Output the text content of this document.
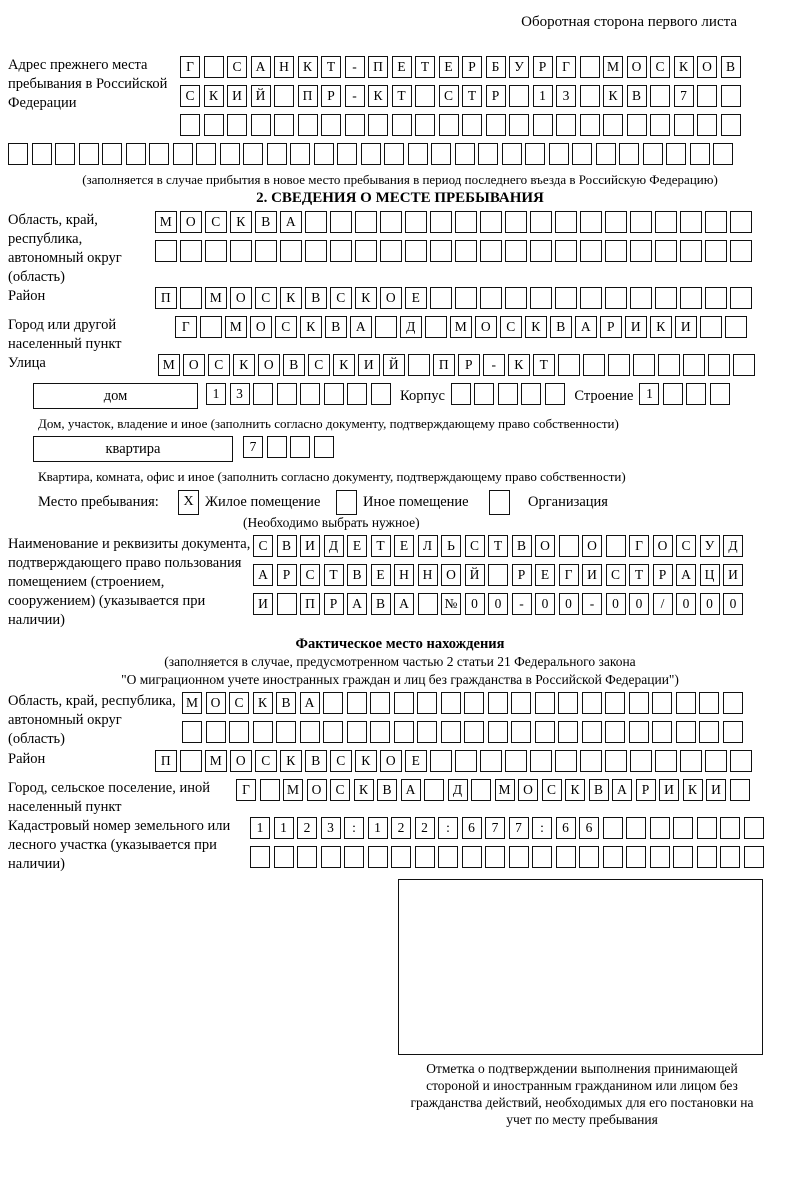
Оборотная сторона первого листа
Адрес прежнего места пребывания в Российской Федерации
Г	С	А	Н	К	Т	-	П	Е	Т	Е	Р	Б	У	Р	Г	М О	С	К	О	В
С	К	И	Й	П	Р	-	К	Т	С	Т	Р	1	3	К	В	7
(заполняется в случае прибытия в новое место пребывания в период последнего въезда в Российскую Федерацию)
2. СВЕДЕНИЯ О МЕСТЕ ПРЕБЫВАНИЯ
Область, край, республика, автономный округ (область)
М	О	С	К	В	А
Район	П	М	О	С	К	В	С	К	О	Е
Город или другой населенный пункт
Г	М	О	С	К	В	А	Д	М	О	С	К	В	А	Р	И	К	И
Улица	М	О	С	К	О	В	С	К	И	Й	П	Р	-	К	Т
дом	1	3	Корпус	Строение 1
Дом, участок, владение и иное (заполнить согласно документу, подтверждающему право собственности)
квартира	7
Квартира, комната, офис и иное (заполнить согласно документу, подтверждающему право собственности)
Место пребывания:	X Жилое помещение	Иное помещение	Организация
(Необходимо выбрать нужное)
Наименование и реквизиты документа, подтверждающего право пользования помещением (строением, сооружением) (указывается при наличии)
С	В	И	Д	Е	Т	Е	Л	Ь	С	Т	В	О	О	Г	О	С	У	Д
А	Р	С	Т	В	Е	Н	Н	О	Й	Р	Е	Г	И	С	Т	Р	А	Ц	И
И	П	Р	А	В	А	№	0	0	-	0	0	-	0	0	/	0	0	0
Фактическое место нахождения
(заполняется в случае, предусмотренном частью 2 статьи 21 Федерального закона
"О миграционном учете иностранных граждан и лиц без гражданства в Российской Федерации")
Область, край, республика, автономный округ (область)
М О	С	К	В	А
Район	П	М	О	С	К	В	С	К	О	Е
Город, сельское поселение, иной населенный пункт
Г	М О	С	К	В	А	Д	М О	С	К	В	А	Р	И	К	И
Кадастровый номер земельного или лесного участка (указывается при наличии)
1	1	2	3	:	1	2	2	:	6	7	7	:	6	6
Отметка о подтверждении выполнения принимающей стороной и иностранным гражданином или лицом без гражданства действий, необходимых для его постановки на учет по месту пребывания
